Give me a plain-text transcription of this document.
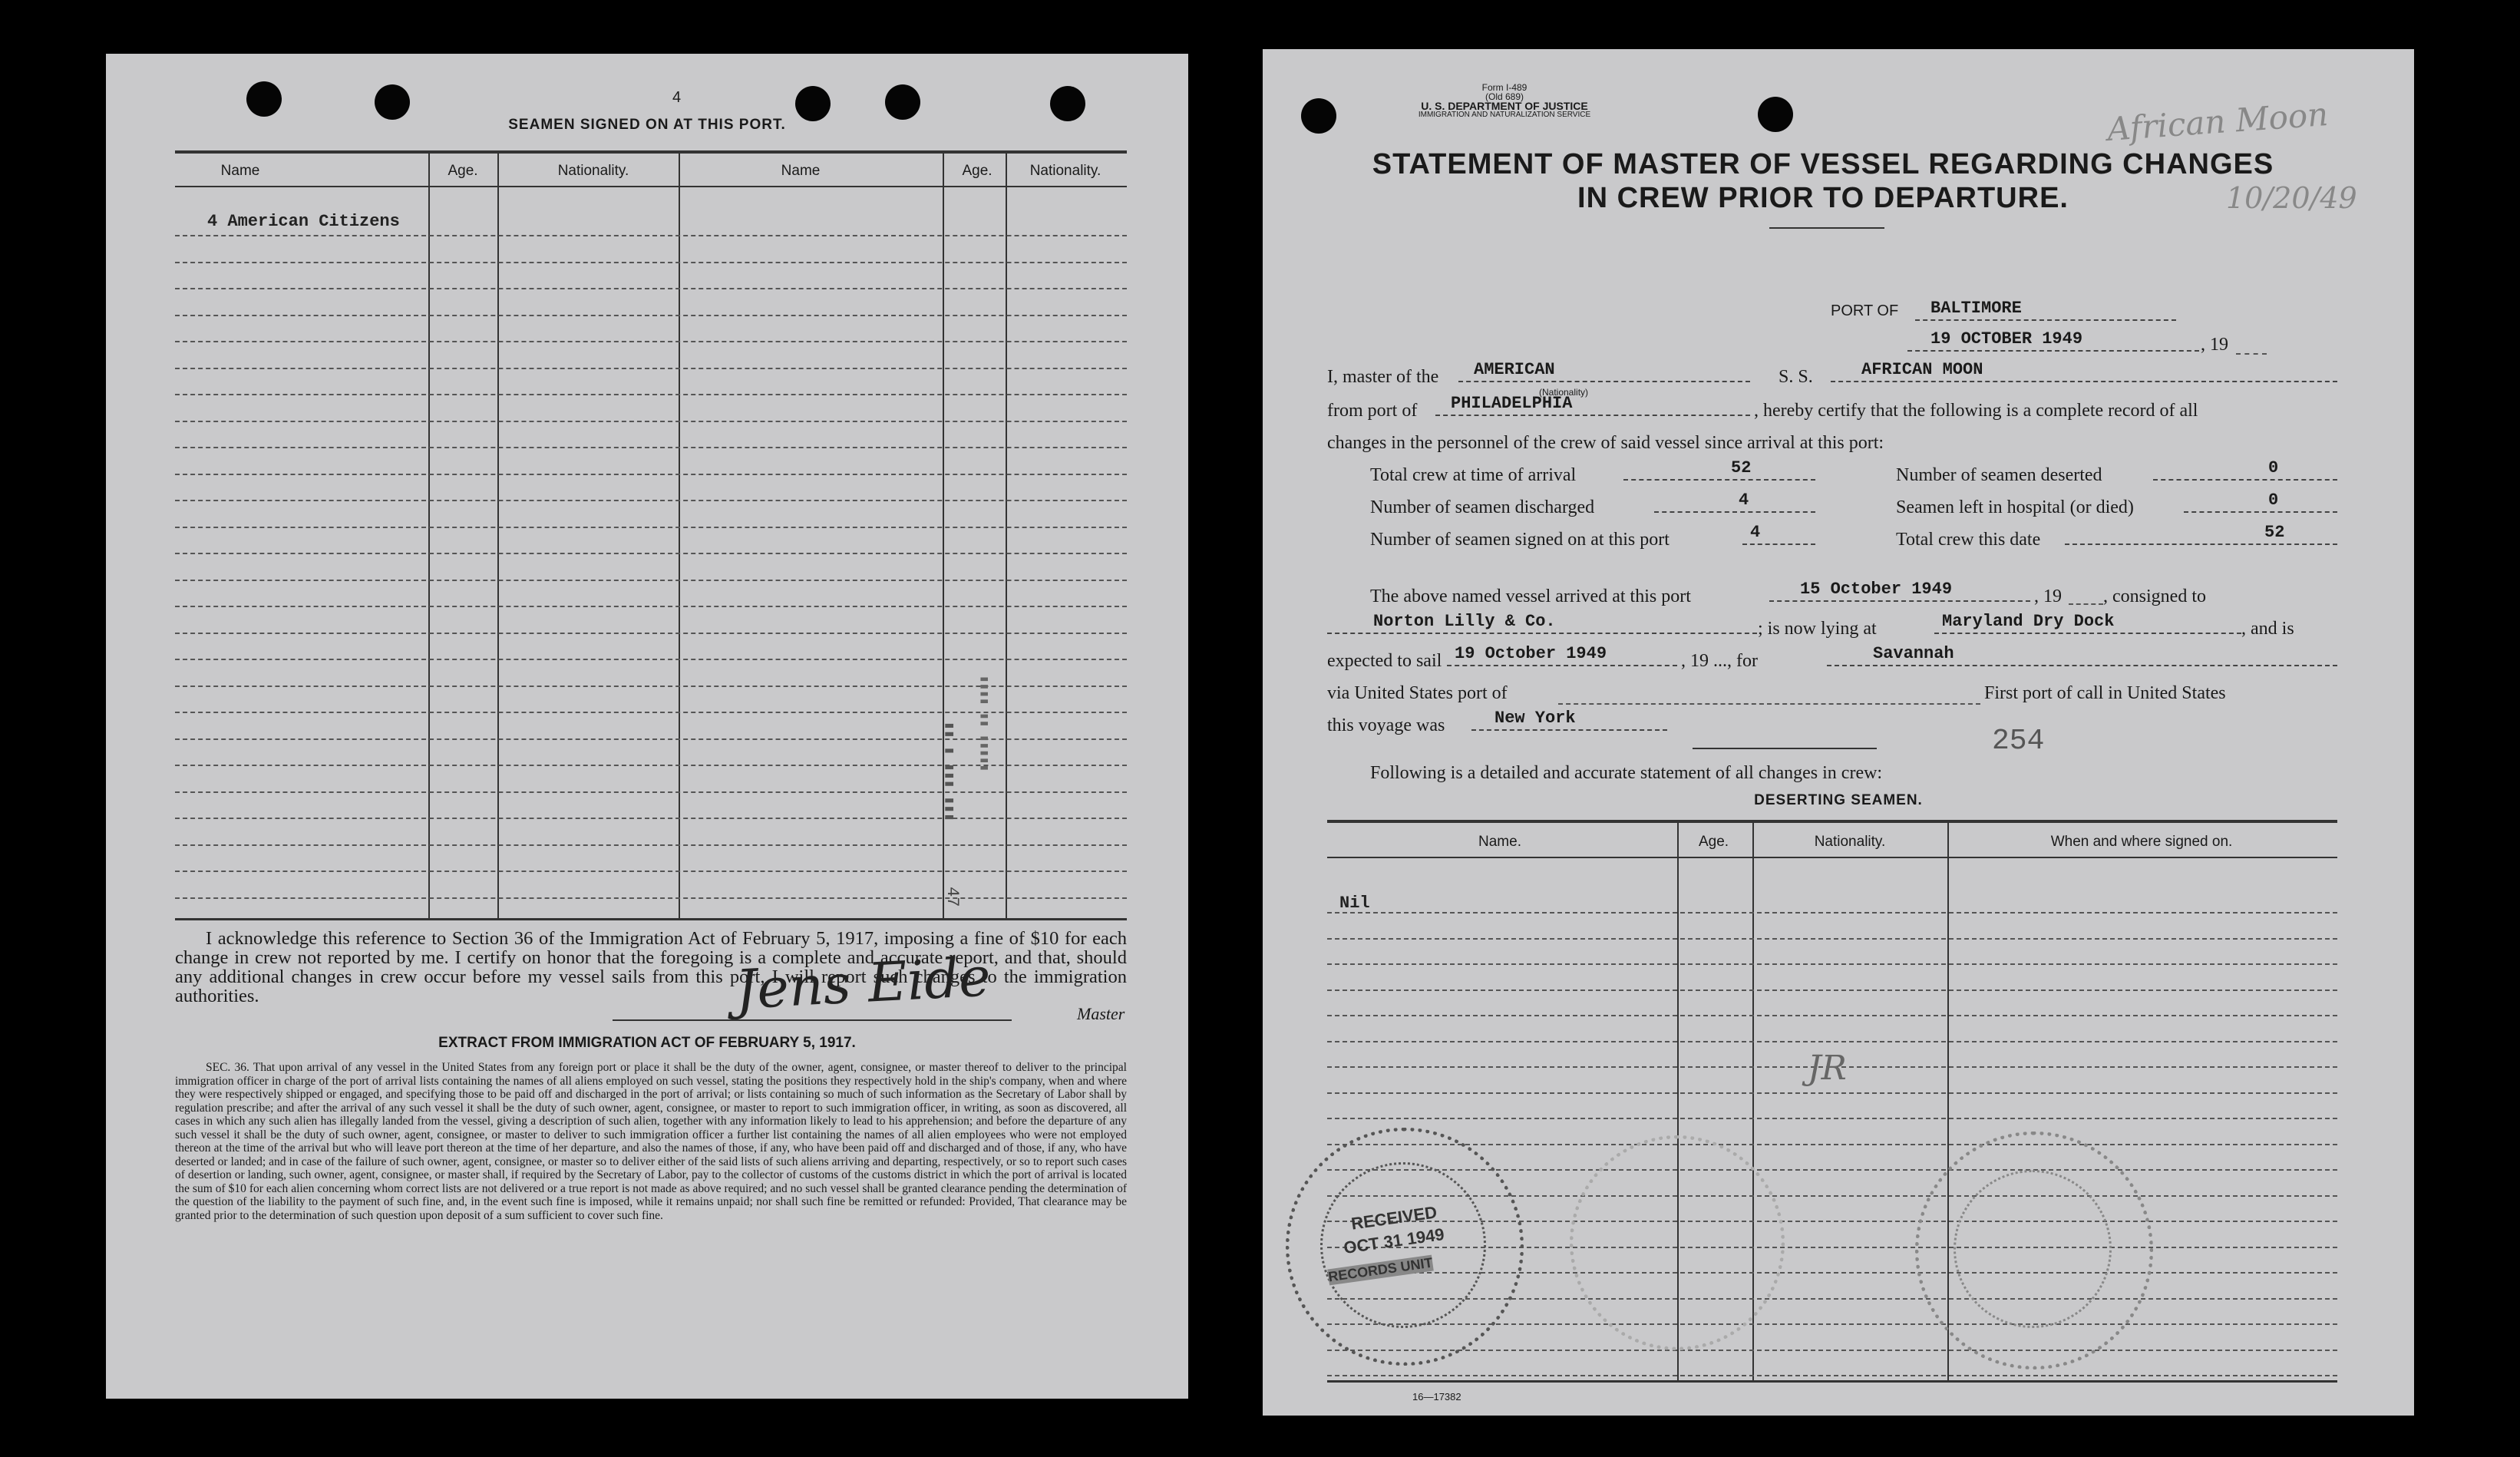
4
SEAMEN SIGNED ON AT THIS PORT.
Name	Age.	Nationality.	Name	Age.	Nationality.
4 American Citizens
▮▮ ▮ ▮▮▮ ▮▮▮ ▮▮▮▮ ▮▮ ▮▮▮▮▮
47
I acknowledge this reference to Section 36 of the Immigration Act of February 5, 1917, imposing a fine of $10 for each change in crew not reported by me. I certify on honor that the foregoing is a complete and accurate report, and that, should any additional changes in crew occur before my vessel sails from this port, I will report such changes to the immigration authorities.	Jens Eide	Master
EXTRACT FROM IMMIGRATION ACT OF FEBRUARY 5, 1917.
SEC. 36. That upon arrival of any vessel in the United States from any foreign port or place it shall be the duty of the owner, agent, consignee, or master thereof to deliver to the principal immigration officer in charge of the port of arrival lists containing the names of all aliens employed on such vessel, stating the positions they respectively hold in the ship's company, when and where they were respectively shipped or engaged, and specifying those to be paid off and discharged in the port of arrival; or lists containing so much of such information as the Secretary of Labor shall by regulation prescribe; and after the arrival of any such vessel it shall be the duty of such owner, agent, consignee, or master to report to such immigration officer, in writing, as soon as discovered, all cases in which any such alien has illegally landed from the vessel, giving a description of such alien, together with any information likely to lead to his apprehension; and before the departure of any such vessel it shall be the duty of such owner, agent, consignee, or master to deliver to such immigration officer a further list containing the names of all alien employees who were not employed thereon at the time of the arrival but who will leave port thereon at the time of her departure, and also the names of those, if any, who have been paid off and discharged and of those, if any, who have deserted or landed; and in case of the failure of such owner, agent, consignee, or master so to deliver either of the said lists of such aliens arriving and departing, respectively, or so to report such cases of desertion or landing, such owner, agent, consignee, or master shall, if required by the Secretary of Labor, pay to the collector of customs of the customs district in which the port of arrival is located the sum of $10 for each alien concerning whom correct lists are not delivered or a true report is not made as above required; and no such vessel shall be granted clearance pending the determination of the question of the liability to the payment of such fine, and, in the event such fine is imposed, while it remains unpaid; nor shall such fine be remitted or refunded: Provided, That clearance may be granted prior to the determination of such question upon deposit of a sum sufficient to cover such fine.
Form I-489
(Old 689)
U. S. DEPARTMENT OF JUSTICE
IMMIGRATION AND NATURALIZATION SERVICE	African Moon
10/20/49
STATEMENT OF MASTER OF VESSEL REGARDING CHANGES
IN CREW PRIOR TO DEPARTURE.
PORT OF BALTIMORE
19 OCTOBER 1949	, 19
I, master of the AMERICAN
(Nationality)
S. S.	AFRICAN MOON
from port of PHILADELPHIA	, hereby certify that the following is a complete record of all
changes in the personnel of the crew of said vessel since arrival at this port:
Total crew at time of arrival	52	Number of seamen deserted	0
Number of seamen discharged	4	Seamen left in hospital (or died)	0
Number of seamen signed on at this port	4	Total crew this date	52
The above named vessel arrived at this port	15 October 1949	, 19 , consigned to
Norton Lilly & Co.	; is now lying at	Maryland Dry Dock	, and is
expected to sail 19 October 1949	, 19 ..., for	Savannah
via United States port of	First port of call in United States
this voyage was	New York
254
Following is a detailed and accurate statement of all changes in crew:
DESERTING SEAMEN.
Name.	Age.	Nationality.	When and where signed on.
Nil
JR
RECEIVED
OCT 31 1949
RECORDS UNIT
16—17382
